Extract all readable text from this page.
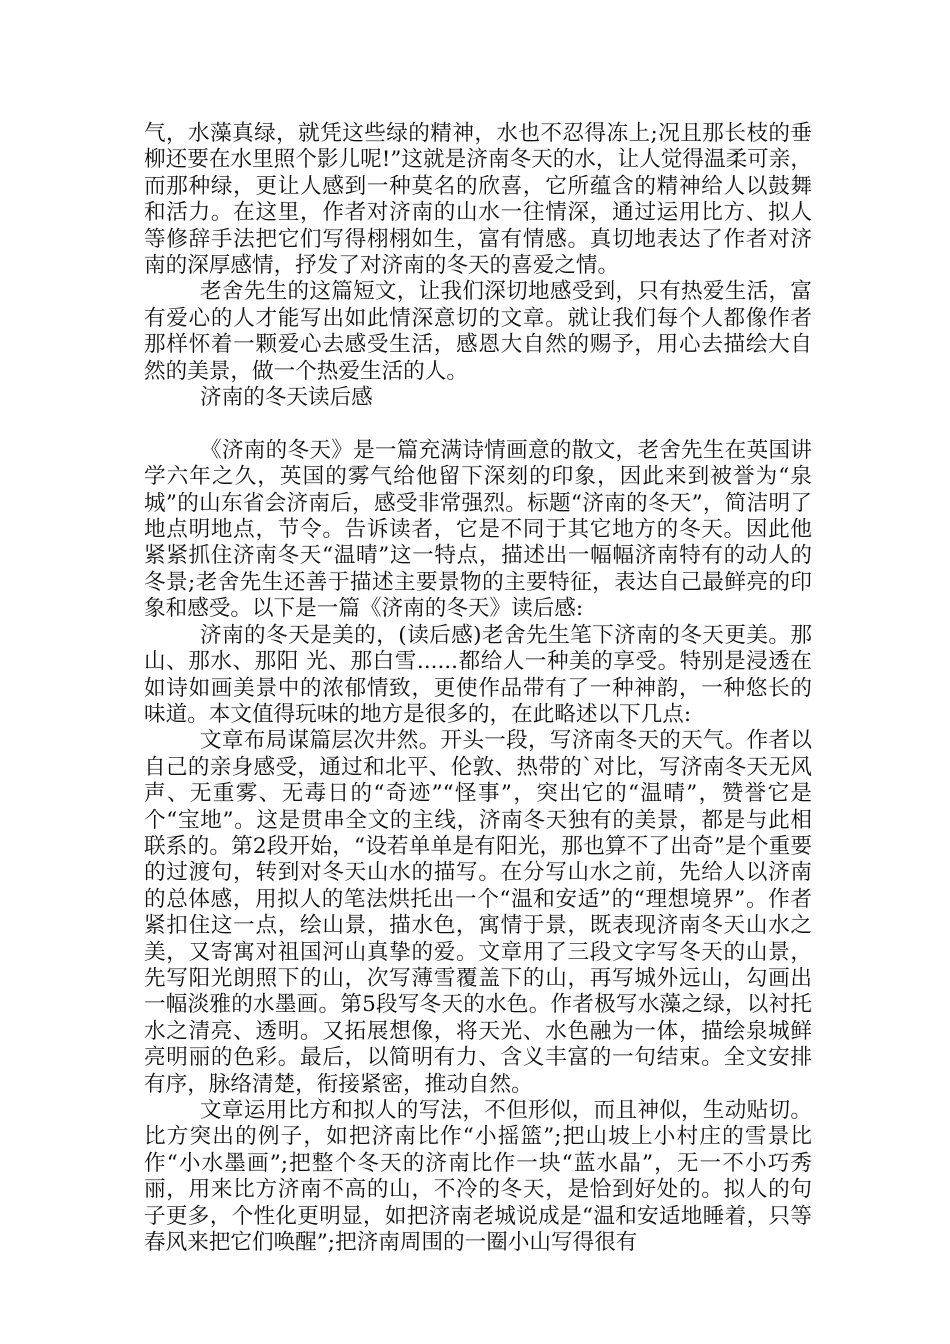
气，水藻真绿，就凭这些绿的精神，水也不忍得冻上;况且那长枝的垂柳还要在水里照个影儿呢!”这就是济南冬天的水，让人觉得温柔可亲，而那种绿，更让人感到一种莫名的欣喜，它所蕴含的精神给人以鼓舞和活力。在这里，作者对济南的山水一往情深，通过运用比方、拟人等修辞手法把它们写得栩栩如生，富有情感。真切地表达了作者对济南的深厚感情，抒发了对济南的冬天的喜爱之情。

老舍先生的这篇短文，让我们深切地感受到，只有热爱生活，富有爱心的人才能写出如此情深意切的文章。就让我们每个人都像作者那样怀着一颗爱心去感受生活，感恩大自然的赐予，用心去描绘大自然的美景，做一个热爱生活的人。

济南的冬天读后感

《济南的冬天》是一篇充满诗情画意的散文，老舍先生在英国讲学六年之久，英国的雾气给他留下深刻的印象，因此来到被誉为“泉城”的山东省会济南后，感受非常强烈。标题“济南的冬天”，简洁明了地点明地点，节令。告诉读者，它是不同于其它地方的冬天。因此他紧紧抓住济南冬天“温晴”这一特点，描述出一幅幅济南特有的动人的冬景;老舍先生还善于描述主要景物的主要特征，表达自己最鲜亮的印象和感受。以下是一篇《济南的冬天》读后感:

济南的冬天是美的，(读后感)老舍先生笔下济南的冬天更美。那山、那水、那阳 光、那白雪......都给人一种美的享受。特别是浸透在如诗如画美景中的浓郁情致，更使作品带有了一种神韵，一种悠长的味道。本文值得玩味的地方是很多的，在此略述以下几点:

文章布局谋篇层次井然。开头一段，写济南冬天的天气。作者以自己的亲身感受，通过和北平、伦敦、热带的`对比，写济南冬天无风声、无重雾、无毒日的“奇迹”“怪事”，突出它的“温晴”，赞誉它是个“宝地”。这是贯串全文的主线，济南冬天独有的美景，都是与此相联系的。第2段开始，“设若单单是有阳光，那也算不了出奇”是个重要的过渡句，转到对冬天山水的描写。在分写山水之前，先给人以济南的总体感，用拟人的笔法烘托出一个“温和安适”的“理想境界”。作者紧扣住这一点，绘山景，描水色，寓情于景，既表现济南冬天山水之美，又寄寓对祖国河山真挚的爱。文章用了三段文字写冬天的山景，先写阳光朗照下的山，次写薄雪覆盖下的山，再写城外远山，勾画出一幅淡雅的水墨画。第5段写冬天的水色。作者极写水藻之绿，以衬托水之清亮、透明。又拓展想像，将天光、水色融为一体，描绘泉城鲜亮明丽的色彩。最后，以简明有力、含义丰富的一句结束。全文安排有序，脉络清楚，衔接紧密，推动自然。

文章运用比方和拟人的写法，不但形似，而且神似，生动贴切。比方突出的例子，如把济南比作“小摇篮”;把山坡上小村庄的雪景比作“小水墨画”;把整个冬天的济南比作一块“蓝水晶”，无一不小巧秀丽，用来比方济南不高的山，不冷的冬天，是恰到好处的。拟人的句子更多，个性化更明显，如把济南老城说成是“温和安适地睡着，只等春风来把它们唤醒”;把济南周围的一圈小山写得很有
